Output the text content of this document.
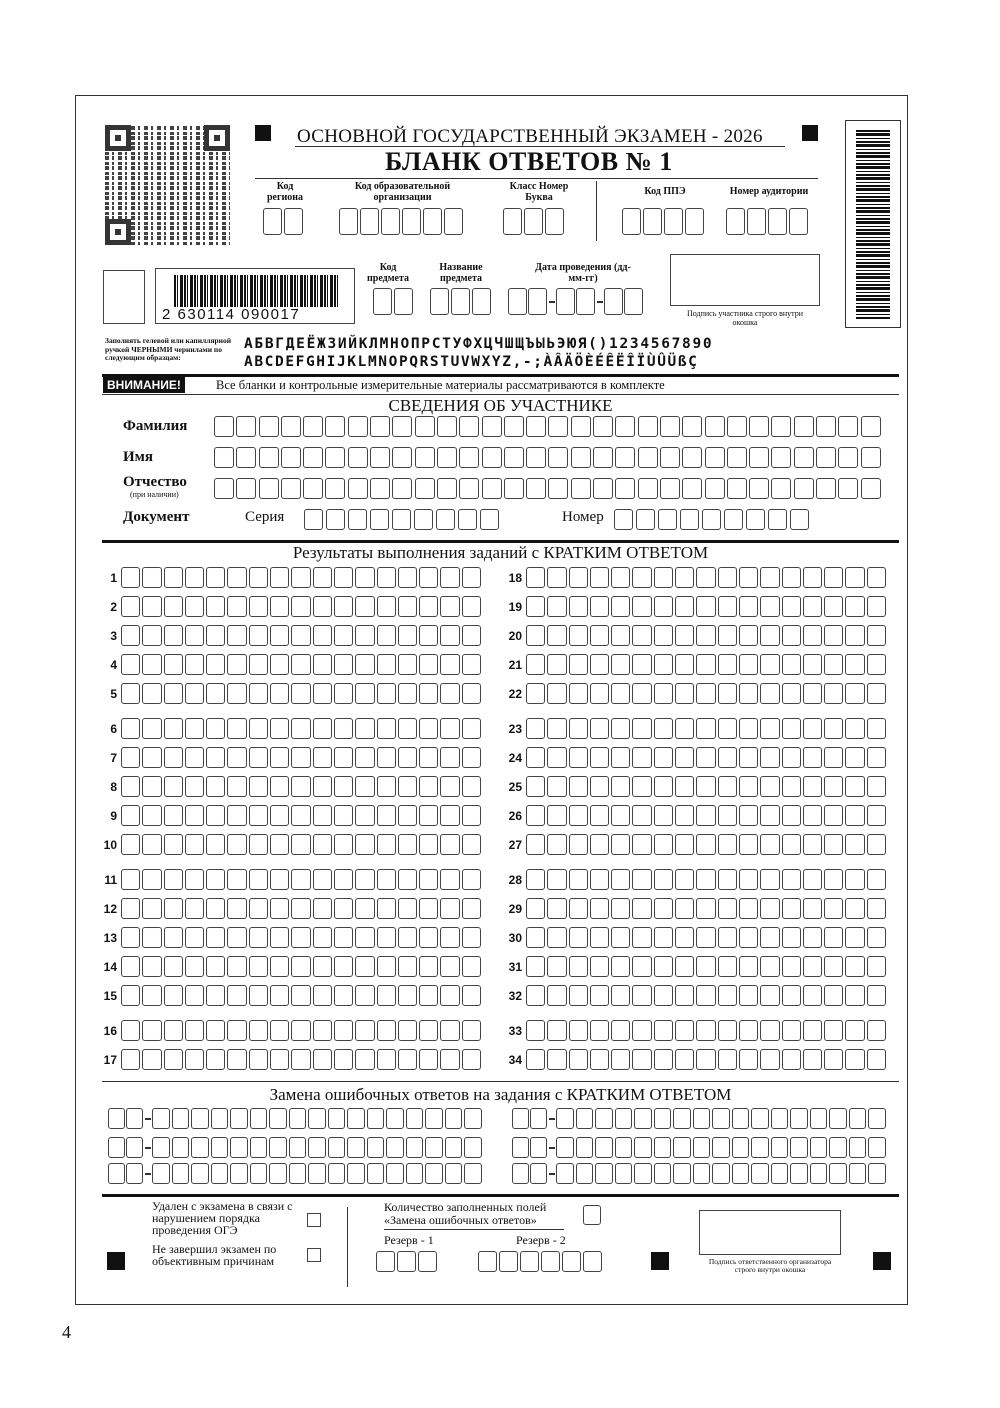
ОСНОВНОЙ ГОСУДАРСТВЕННЫЙ ЭКЗАМЕН - 2026
БЛАНК ОТВЕТОВ № 1
Код региона
Код образовательной организации
Класс Номер Буква
Код ППЭ	Номер аудитории
2 630114 090017
Код предмета
Название предмета
Дата проведения (дд-мм-гг)
Подпись участника строго внутри окошка
Заполнять гелевой или капиллярной ручкой ЧЕРНЫМИ чернилами по следующим образцам:
АБВГДЕЁЖЗИЙКЛМНОПРСТУФХЦЧШЩЪЫЬЭЮЯ()1234567890
ABCDEFGHIJKLMNOPQRSTUVWXYZ,-;ÀÂÄÖÈÉÊËÎÏÙÛÜßÇ
ВНИМАНИЕ!	Все бланки и контрольные измерительные материалы рассматриваются в комплекте
СВЕДЕНИЯ ОБ УЧАСТНИКЕ
Фамилия
Имя
Отчество
(при наличии)
Документ	Серия	Номер
Результаты выполнения заданий с КРАТКИМ ОТВЕТОМ
1
2
3
4
5
6
7
8
9
10
11
12
13
14
15
16
17
18
19
20
21
22
23
24
25
26
27
28
29
30
31
32
33
34
Замена ошибочных ответов на задания с КРАТКИМ ОТВЕТОМ
Удален с экзамена в связи с нарушением порядка проведения ОГЭ
Не завершил экзамен по объективным причинам
Количество заполненных полей «Замена ошибочных ответов»
Резерв - 1	Резерв - 2
Подпись ответственного организатора строго внутри окошка
4
